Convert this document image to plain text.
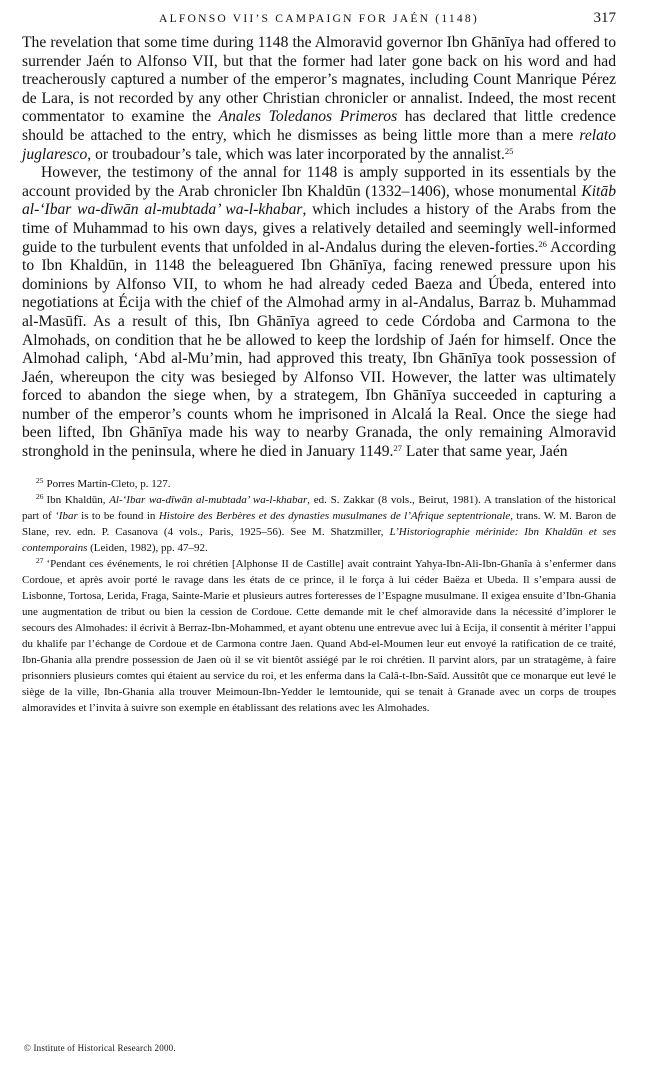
ALFONSO VII’S CAMPAIGN FOR JAÉN (1148)	317

The revelation that some time during 1148 the Almoravid governor Ibn Ghānīya had offered to surrender Jaén to Alfonso VII, but that the former had later gone back on his word and had treacherously captured a number of the emperor’s magnates, including Count Manrique Pérez de Lara, is not recorded by any other Christian chronicler or annalist. Indeed, the most recent commentator to examine the Anales Toledanos Primeros has declared that little credence should be attached to the entry, which he dismisses as being little more than a mere relato juglaresco, or troubadour’s tale, which was later incorporated by the annalist.$^{25}$

However, the testimony of the annal for 1148 is amply supported in its essentials by the account provided by the Arab chronicler Ibn Khaldūn (1332–1406), whose monumental Kitāb al-‘Ibar wa-dīwān al-mubtada’ wa-l-khabar, which includes a history of the Arabs from the time of Muhammad to his own days, gives a relatively detailed and seemingly well-informed guide to the turbulent events that unfolded in al-Andalus during the eleven-forties.$^{26}$ According to Ibn Khaldūn, in 1148 the beleaguered Ibn Ghānīya, facing renewed pressure upon his dominions by Alfonso VII, to whom he had already ceded Baeza and Úbeda, entered into negotiations at Écija with the chief of the Almohad army in al-Andalus, Barraz b. Muhammad al-Masūfī. As a result of this, Ibn Ghānīya agreed to cede Córdoba and Carmona to the Almohads, on condition that he be allowed to keep the lordship of Jaén for himself. Once the Almohad caliph, ‘Abd al-Mu’min, had approved this treaty, Ibn Ghānīya took possession of Jaén, whereupon the city was besieged by Alfonso VII. However, the latter was ultimately forced to abandon the siege when, by a strategem, Ibn Ghānīya succeeded in capturing a number of the emperor’s counts whom he imprisoned in Alcalá la Real. Once the siege had been lifted, Ibn Ghānīya made his way to nearby Granada, the only remaining Almoravid stronghold in the peninsula, where he died in January 1149.27 Later that same year, Jaén

$^{25}$ Porres Martín-Cleto, p. 127.

$^{26}$ Ibn Khaldūn, Al-‘Ibar wa-dīwān al-mubtada’ wa-l-khabar, ed. S. Zakkar (8 vols., Beirut, 1981). A translation of the historical part of ‘Ibar is to be found in Histoire des Berbères et des dynasties musulmanes de l’Afrique septentrionale, trans. W. M. Baron de Slane, rev. edn. P. Casanova (4 vols., Paris, 1925–56). See M. Shatzmiller, L’Historiographie mérinide: Ibn Khaldūn et ses contemporains (Leiden, 1982), pp. 47–92.

$^{27}$ ‘Pendant ces événements, le roi chrétien [Alphonse II de Castille] avait contraint Yahya-Ibn-Ali-Ibn-Ghanîa à s’enfermer dans Cordoue, et après avoir porté le ravage dans les états de ce prince, il le força à lui céder Baëza et Ubeda. Il s’empara aussi de Lisbonne, Tortosa, Lerida, Fraga, Sainte-Marie et plusieurs autres forteresses de l’Espagne musulmane. Il exigea ensuite d’Ibn-Ghania une augmentation de tribut ou bien la cession de Cordoue. Cette demande mit le chef almoravide dans la nécessité d’implorer le secours des Almohades: il écrivit à Berraz-Ibn-Mohammed, et ayant obtenu une entrevue avec lui à Ecija, il consentit à mériter l’appui du khalife par l’échange de Cordoue et de Carmona contre Jaen. Quand Abd-el-Moumen leur eut envoyé la ratification de ce traité, Ibn-Ghania alla prendre possession de Jaen où il se vit bientôt assiégé par le roi chrétien. Il parvint alors, par un stratagème, à faire prisonniers plusieurs comtes qui étaient au service du roi, et les enferma dans la Calâ-t-Ibn-Saïd. Aussitôt que ce monarque eut levé le siège de la ville, Ibn-Ghania alla trouver Meimoun-Ibn-Yedder le lemtounide, qui se tenait à Granade avec un corps de troupes almoravides et l’invita à suivre son exemple en établissant des relations avec les Almohades.

© Institute of Historical Research 2000.
